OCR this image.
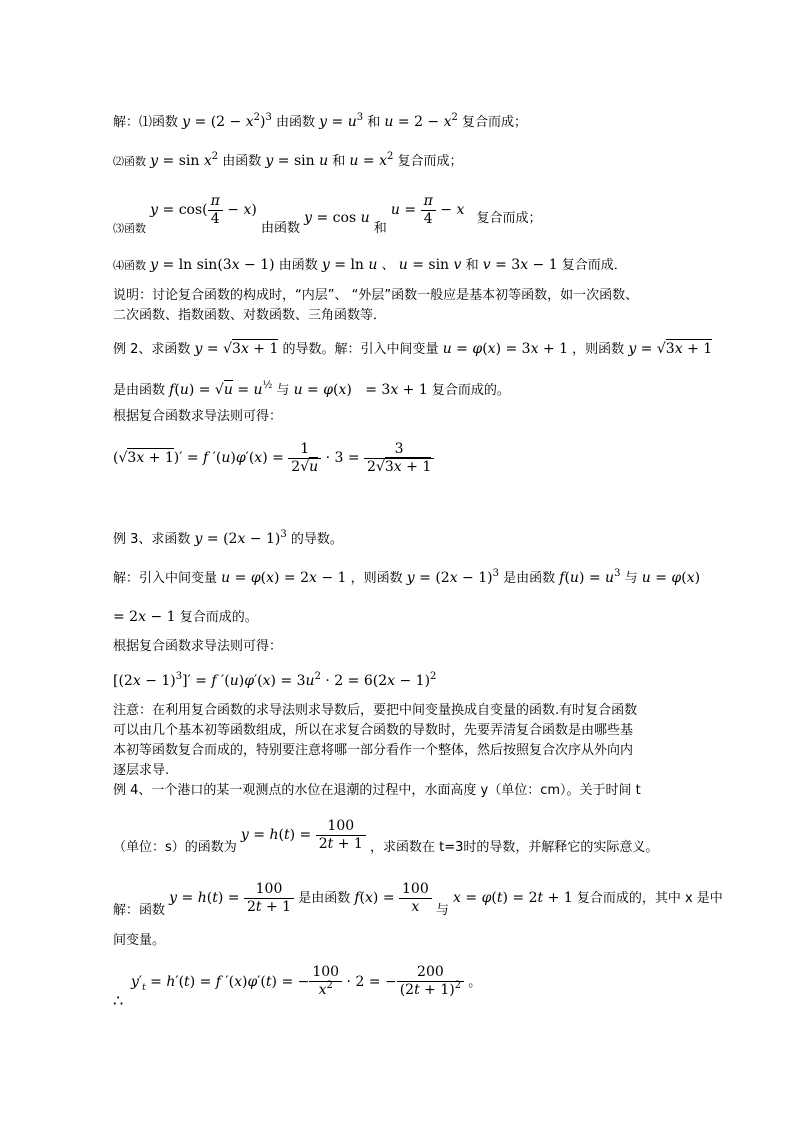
解：⑴函数 $y = (2 - x^2)^3$ 由函数 $y = u^3$ 和 $u = 2 - x^2$ 复合而成；
⑵函数 $y = \sin x^2$ 由函数 y = sin u 和 $u = x^2$ 复合而成；
$_{⑶函数}$ $y = \cos( \frac{\pi}{4} - x)$ 由函数 y = cos u 和 $u = \frac{\pi}{4} - x$ 复合而成；
⑷函数 y = ln sin(3x − 1) 由函数 y = ln u 、 u = sin v 和 v = 3x − 1 复合而成．
说明：讨论复合函数的构成时，“内层”、 “外层”函数一般应是基本初等函数，如一次函数、
二次函数、指数函数、对数函数、三角函数等．
例 2、求函数 y = √3x + 1 的导数。解：引入中间变量 u = φ(x) = 3x + 1 ，则函数 y = √3x + 1
是由函数 $f(u) = √u = u^{\frac{1}{2}}$ 与 u = φ(x)   = 3x + 1 复合而成的。
根据复合函数求导法则可得：
(√3x + 1)′ = f $'(u)\varphi'(x) = \frac{1}{2√u} \cdot 3 = \frac{3}{2√3x + 1}$
例 3、求函数 $y = (2x - 1)^3$ 的导数。
解：引入中间变量 u = φ(x) = 2x − 1 ，则函数 $y = (2x - 1)^3$ 是由函数 $f(u) = u^3$ 与 u = φ(x)
= 2x − 1 复合而成的。
根据复合函数求导法则可得：
$[(2x - 1)^3]' = f$ $'(u)\varphi'(x) = 3u^2 \cdot 2 = 6(2x - 1)^2$
注意：在利用复合函数的求导法则求导数后，要把中间变量换成自变量的函数.有时复合函数
可以由几个基本初等函数组成，所以在求复合函数的导数时，先要弄清复合函数是由哪些基
本初等函数复合而成的，特别要注意将哪一部分看作一个整体，然后按照复合次序从外向内
逐层求导.
例 4、一个港口的某一观测点的水位在退潮的过程中，水面高度 y（单位：cm）。关于时间 t
（单位：s）的函数为 $y = h(t) = \frac{100}{2t + 1}$ ，求函数在 t=3时的导数，并解释它的实际意义。
解：函数 $y = h(t) = \frac{100}{2t + 1}$ 是由函数 $f(x) = \frac{100}{x}$ 与 x = φ(t) = 2t + 1 复合而成的，其中 x 是中
间变量。
$y'_t = h'(t) = f$ ′(x)φ′(t) = − $\frac{100}{x^2} \cdot 2$ = − $\frac{200}{(2t + 1)^2}$ 。
∴
